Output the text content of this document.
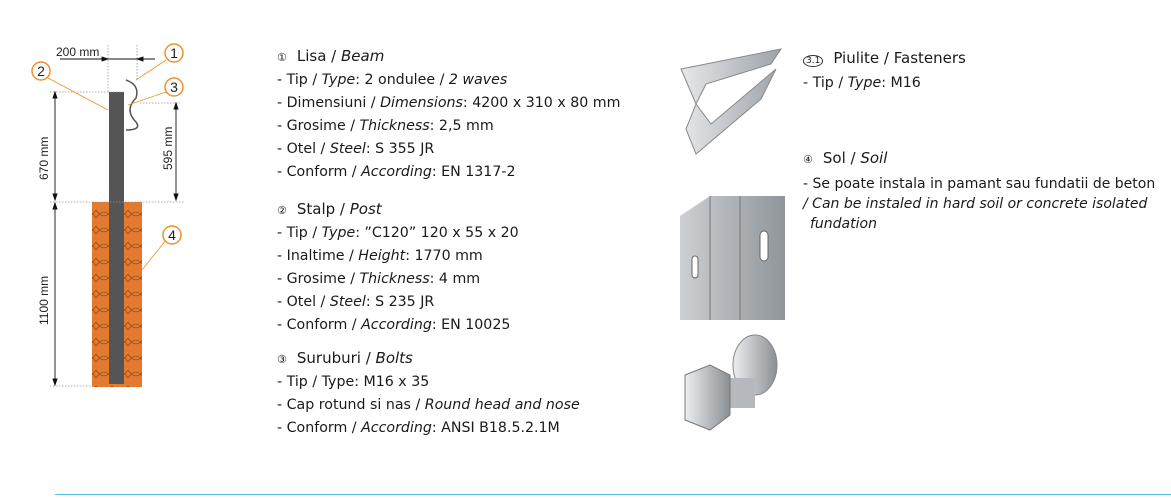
200 mm
670 mm	595 mm
1100 mm
1
2
3
4
① Lisa / Beam
- Tip / Type: 2 ondulee / 2 waves
- Dimensiuni / Dimensions: 4200 x 310 x 80 mm
- Grosime / Thickness: 2,5 mm
- Otel / Steel: S 355 JR
- Conform / According: EN 1317-2
② Stalp / Post
- Tip / Type: ”C120” 120 x 55 x 20
- Inaltime / Height: 1770 mm
- Grosime / Thickness: 4 mm
- Otel / Steel: S 235 JR
- Conform / According: EN 10025
③ Suruburi / Bolts
- Tip / Type: M16 x 35
- Cap rotund si nas / Round head and nose
- Conform / According: ANSI B18.5.2.1M
3.1 Piulite / Fasteners
- Tip / Type: M16
④ Sol / Soil
- Se poate instala in pamant sau fundatii de beton
/ Can be instaled in hard soil or concrete isolated
fundation
